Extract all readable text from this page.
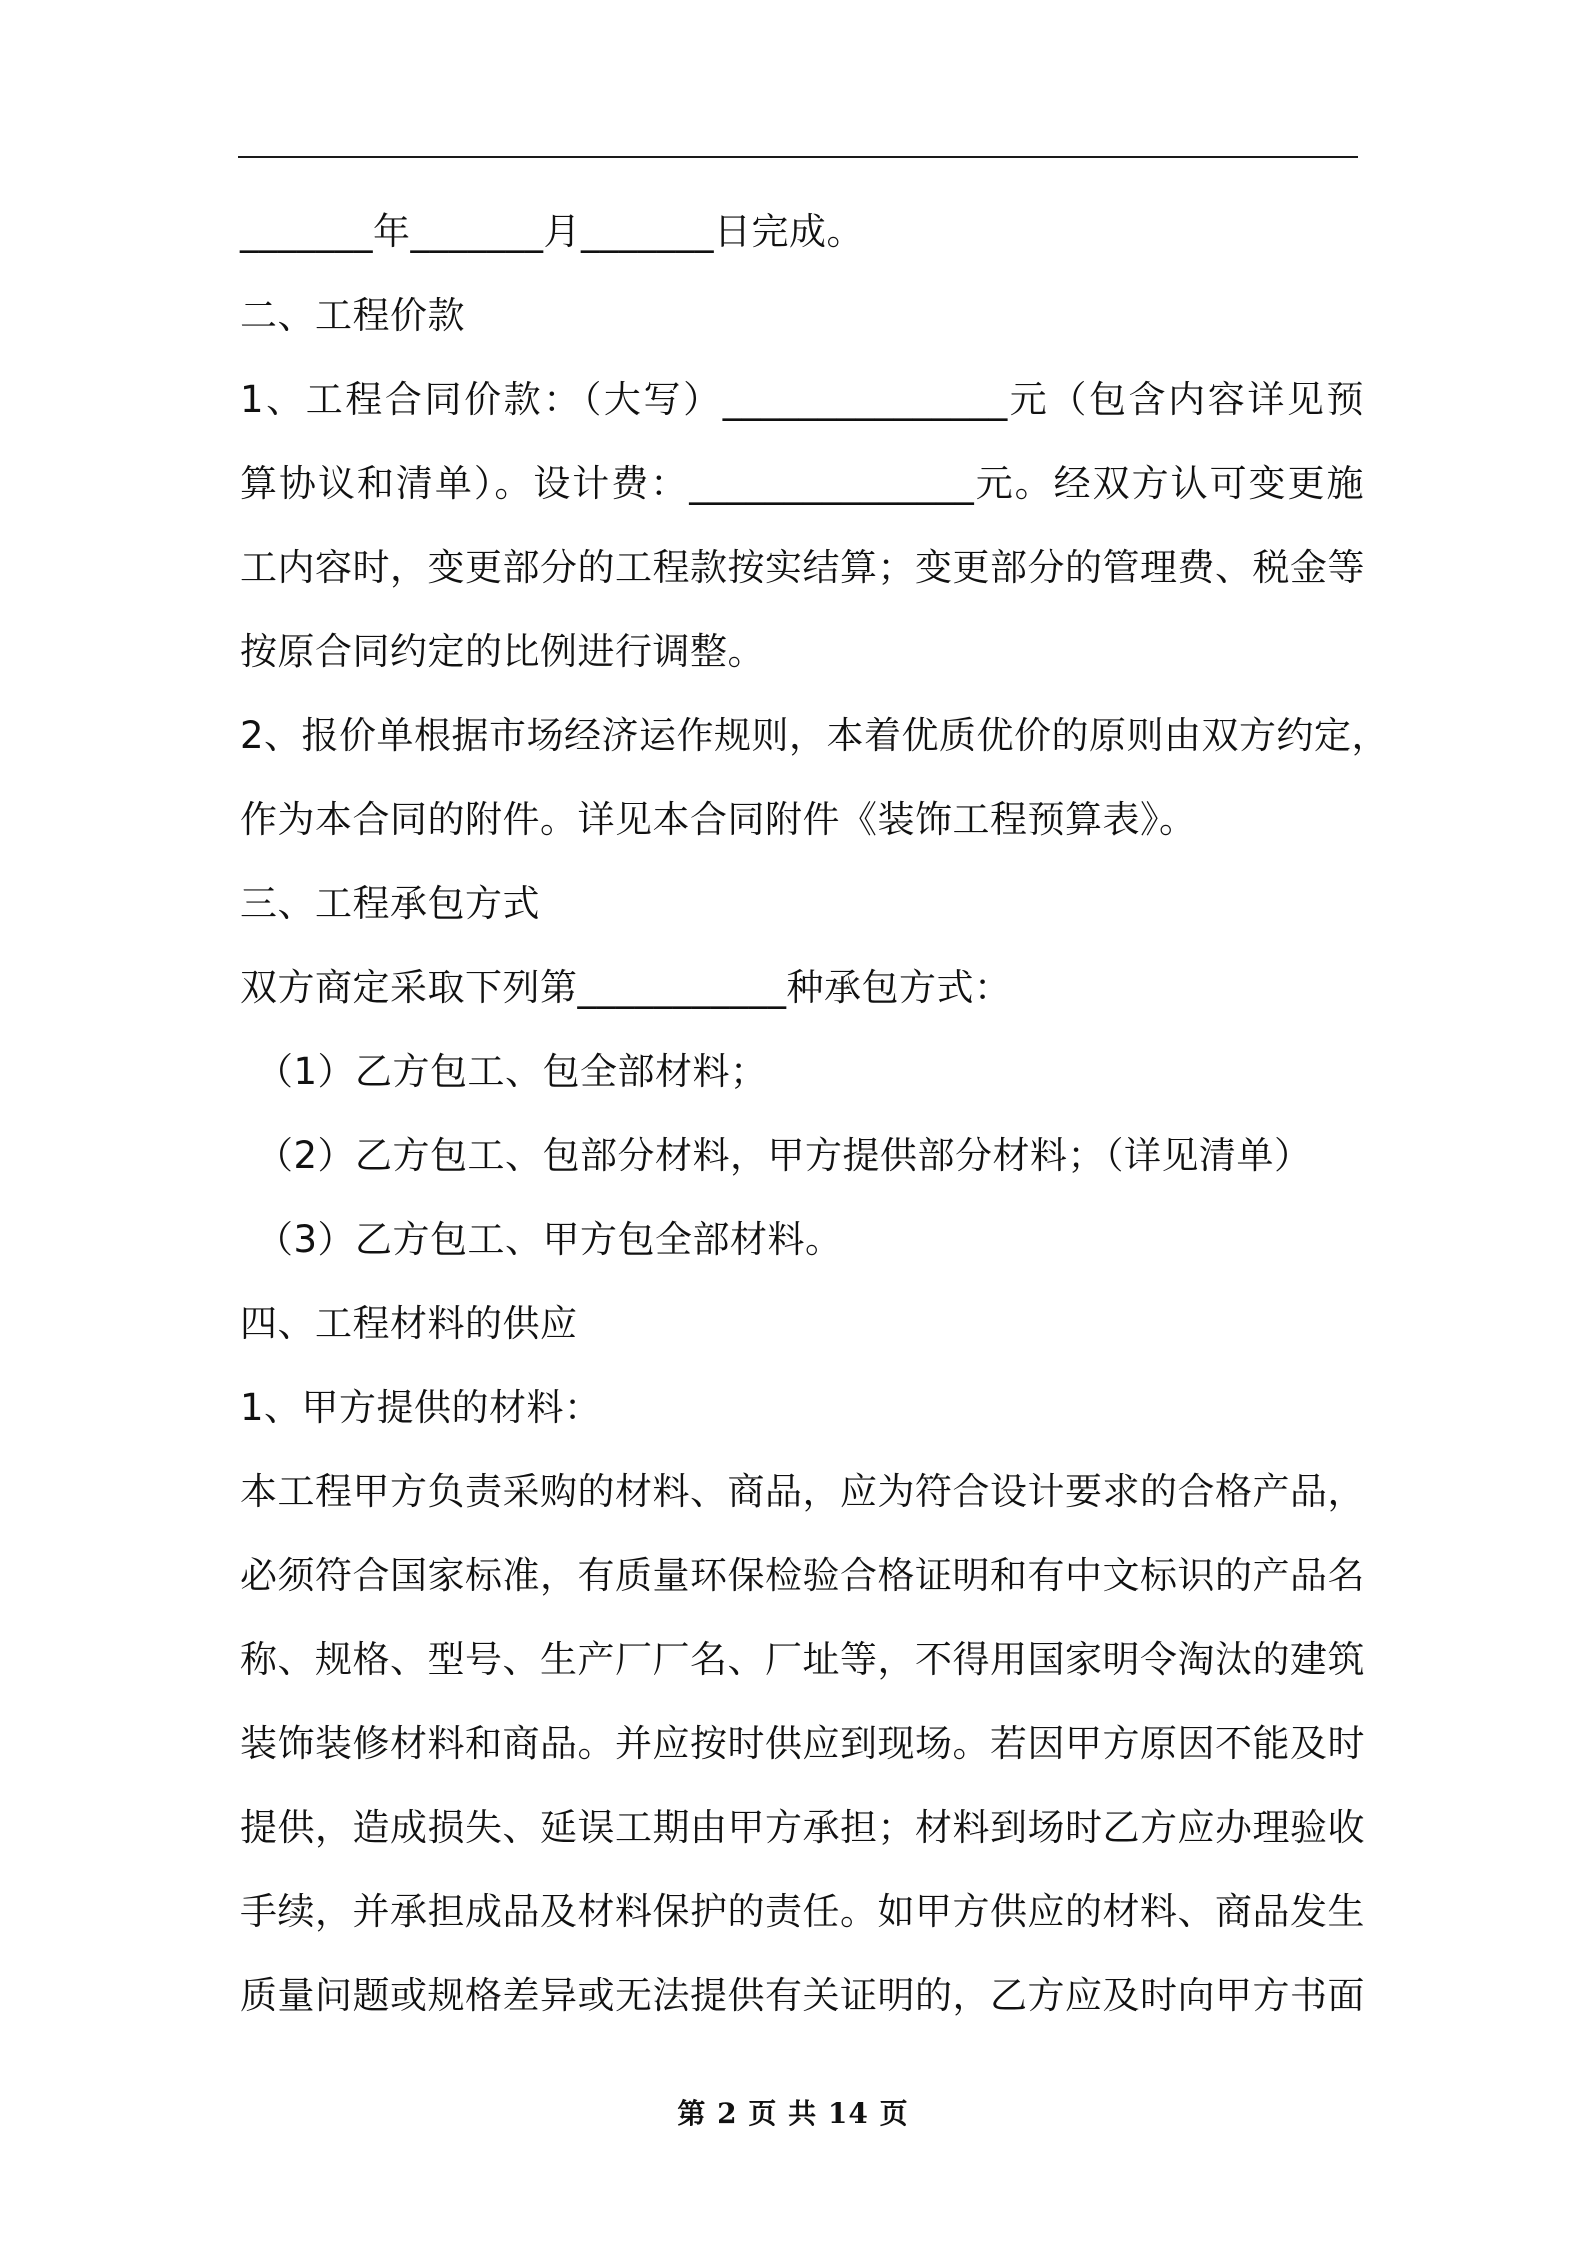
_______年_______月_______日完成。
二、工程价款
1、工程合同价款：（大写）_______________元（包含内容详见预
算协议和清单）。设计费：_______________元。经双方认可变更施
工内容时，变更部分的工程款按实结算；变更部分的管理费、税金等
按原合同约定的比例进行调整。
2、报价单根据市场经济运作规则，本着优质优价的原则由双方约定，
作为本合同的附件。详见本合同附件《装饰工程预算表》。
三、工程承包方式
双方商定采取下列第___________种承包方式：
（1）乙方包工、包全部材料；
（2）乙方包工、包部分材料，甲方提供部分材料；（详见清单）
（3）乙方包工、甲方包全部材料。
四、工程材料的供应
1、甲方提供的材料：
本工程甲方负责采购的材料、商品，应为符合设计要求的合格产品，
必须符合国家标准，有质量环保检验合格证明和有中文标识的产品名
称、规格、型号、生产厂厂名、厂址等，不得用国家明令淘汰的建筑
装饰装修材料和商品。并应按时供应到现场。若因甲方原因不能及时
提供，造成损失、延误工期由甲方承担；材料到场时乙方应办理验收
手续，并承担成品及材料保护的责任。如甲方供应的材料、商品发生
质量问题或规格差异或无法提供有关证明的，乙方应及时向甲方书面
第 2 页 共 14 页
